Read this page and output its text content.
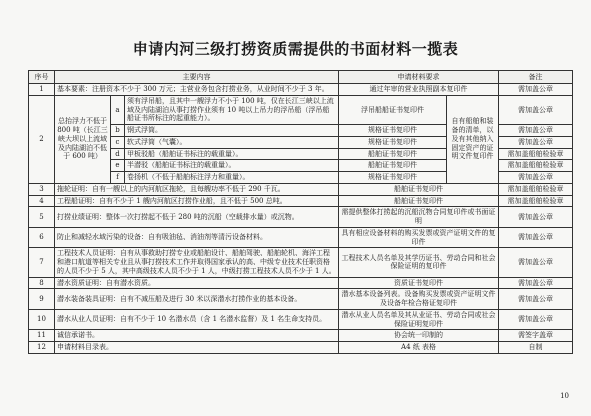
申请内河三级打捞资质需提供的书面材料一揽表
序号	主要内容			申请材料要求		备注
1	基本要素：注册资本不少于 300 万元；主营业务包含打捞业务，从业时间不少于 3 年。			通过年审的营业执照副本复印件		需加盖公章
2	总抬浮力不低于 800 吨（长江三峡大坝以上流域及内陆湖泊不低于 600 吨）	a	须有浮吊船，且其中一艘浮力不小于 100 吨，仅在长江三峡以上流域及内陆湖泊从事打捞作业须有 10 吨以上吊力的浮吊船（浮吊船船证书所标注的起重能力）。	浮吊船船证书复印件	自有船舶和装备的清单，以及有其他纳入固定资产的证明文件复印件	需加盖公章
		b	钢式浮筒。	规格证书复印件		需加盖公章
		c	软式浮筒（气囊）。	规格证书复印件		需加盖公章
		d	甲板驳船（船舶证书标注的载重量）。	船舶证书复印件		需加盖船舶检验章
		e	半潜驳（船舶证书标注的载重量）。	船舶证书复印件		需加盖船舶检验章
		f	卷扬机（不低于船舶标注浮力和重量）。	规格证书复印件		需加盖公章
3	拖轮证明：自有一艘以上的内河航区拖轮，且每艘功率不低于 290 千瓦。			船舶证书复印件		需加盖船舶检验章
4	工程船证明：自有不少于 1 艘内河航区打捞作业船，且不低于 500 总吨。			船舶证书复印件		需加盖船舶检验章
5	打捞业绩证明：整体一次打捞起不低于 280 吨的沉船（空载排水量）或沉物。			需提供整体打捞起的沉船沉物合同复印件或书面证明		需加盖公章
6	防止和减轻水域污染的设备：自有吸油毡、消油剂等清污设备材料。			具有相应设备材料的购买发票或资产证明文件的复印件		需加盖公章
7	工程技术人员证明：自有从事救助打捞专业或船舶设计、船舶驾驶、船舶轮机、海洋工程和港口航道等相关专业且从事打捞技术工作并取得国家承认的高、中级专业技术任职资格的人员不少于 5 人，其中高级技术人员不少于 1 人，中级打捞工程技术人员不少于 1 人。			工程技术人员名单及其学历证书、劳动合同和社会保险证明的复印件		需加盖公章
8	潜水资质证明：自有潜水资质。			资质证书复印件		需加盖公章
9	潜水装备装具证明：自有不减压船及进行 30 米以深潜水打捞作业的基本设备。			潜水基本设备列表。设备购买发票或资产证明文件及设备年检合格证复印件		需加盖公章
10	潜水从业人员证明：自有不少于 10 名潜水员（含 1 名潜水监督）及 1 名生命支持员。			潜水从业人员名单及其从业证书、劳动合同或社会保险证明复印件		需加盖公章
11	诚信承诺书。			协会统一印制的		需签字盖章
12	申请材料目录表。			A4 纸 表格		自制
10
